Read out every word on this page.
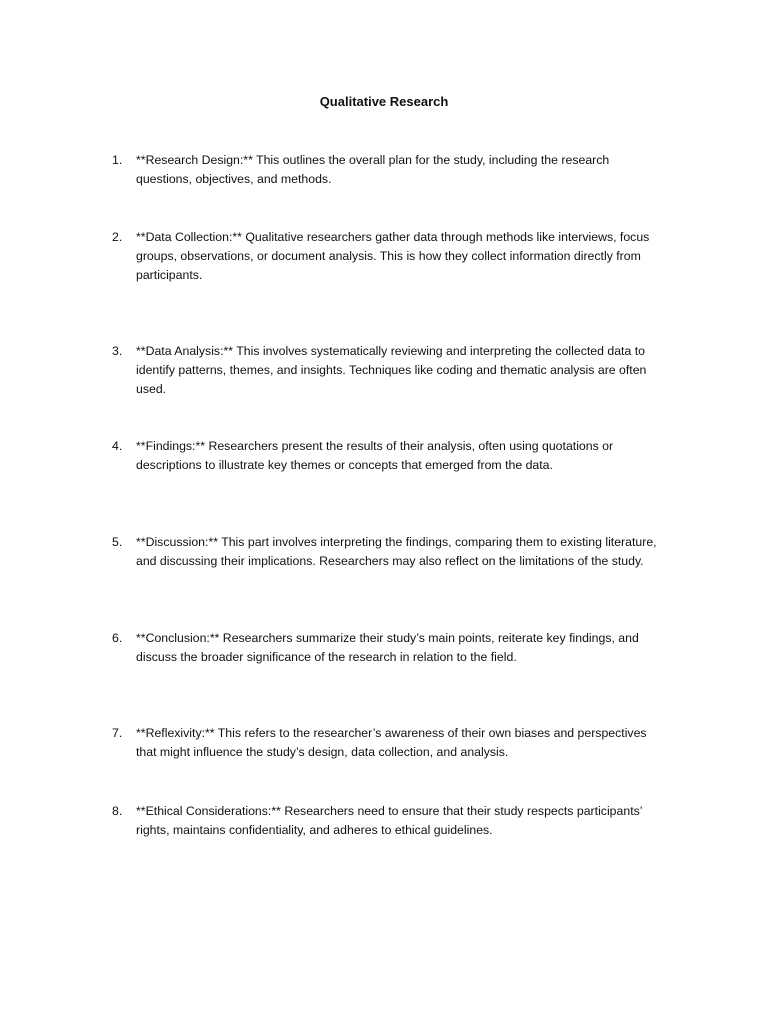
Qualitative Research
1.	**Research Design:** This outlines the overall plan for the study, including the research questions, objectives, and methods.
2.	**Data Collection:** Qualitative researchers gather data through methods like interviews, focus groups, observations, or document analysis. This is how they collect information directly from participants.
3.	**Data Analysis:** This involves systematically reviewing and interpreting the collected data to identify patterns, themes, and insights. Techniques like coding and thematic analysis are often used.
4.	**Findings:** Researchers present the results of their analysis, often using quotations or descriptions to illustrate key themes or concepts that emerged from the data.
5.	**Discussion:** This part involves interpreting the findings, comparing them to existing literature, and discussing their implications. Researchers may also reflect on the limitations of the study.
6.	**Conclusion:** Researchers summarize their study’s main points, reiterate key findings, and discuss the broader significance of the research in relation to the field.
7.	**Reflexivity:** This refers to the researcher’s awareness of their own biases and perspectives that might influence the study’s design, data collection, and analysis.
8.	**Ethical Considerations:** Researchers need to ensure that their study respects participants’ rights, maintains confidentiality, and adheres to ethical guidelines.
